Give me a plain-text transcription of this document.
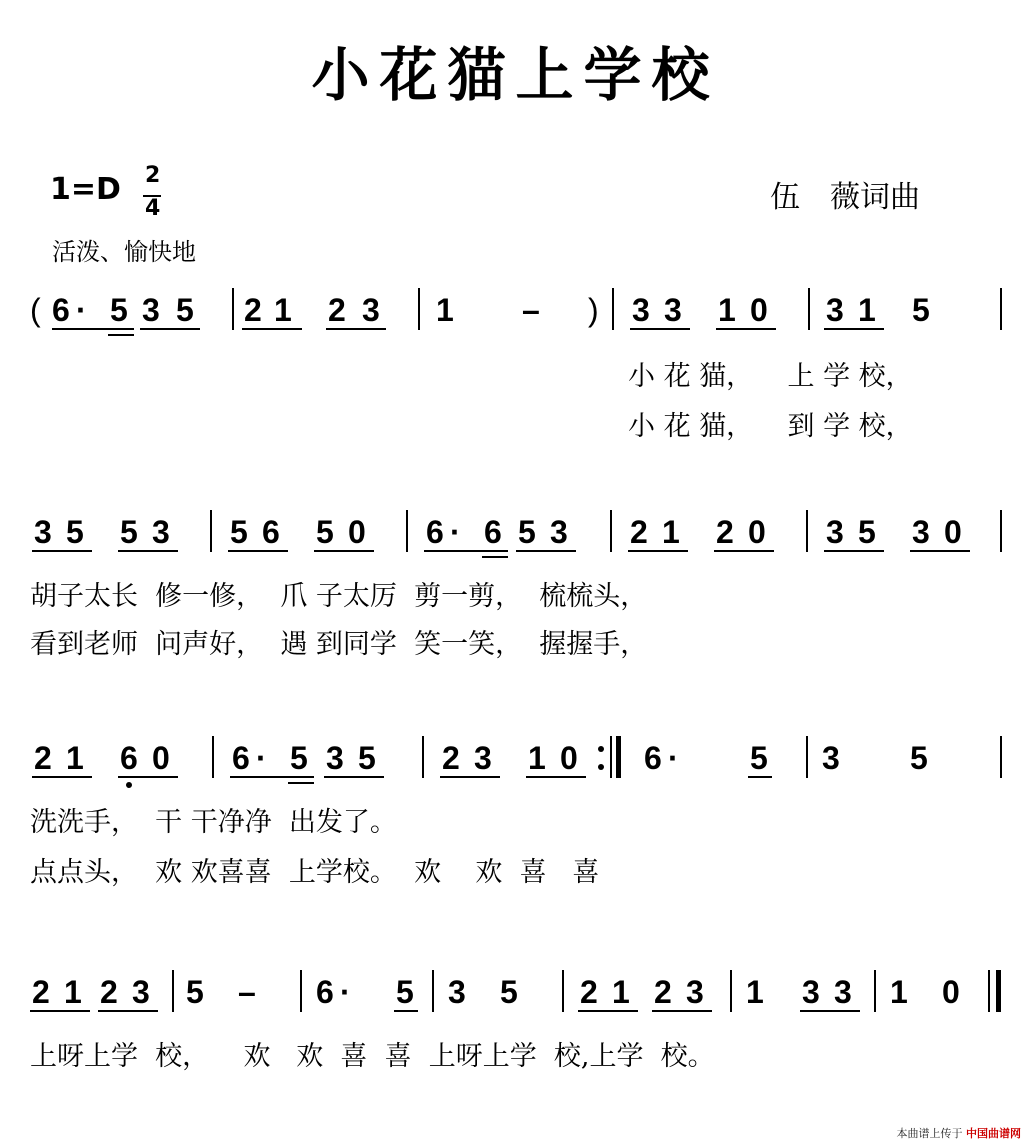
小花猫上学校
1=D 2
4
活泼、愉快地
伍　薇词曲
( 6 · 5 3 5 2 1 2 3 1 – ) 3 3 1 0 3 1 5
小 花 猫，    上 学 校，
小 花 猫，    到 学 校，
3 5 5 3 5 6 5 0 6 · 6 5 3 2 1 2 0 3 5 3 0
胡子太长  修一修，  爪 子太厉  剪一剪，  梳梳头，
看到老师  问声好，  遇 到同学  笑一笑，  握握手，
2 1 6 0 6 · 5 3 5 2 3 1 0 6 · 5 3 5
洗洗手，  干 干净净  出发了。
点点头，  欢 欢喜喜  上学校。  欢    欢  喜   喜
2 1 2 3 5 – 6 · 5 3 5 2 1 2 3 1 3 3 1 0
上呀上学  校，    欢   欢  喜  喜  上呀上学  校,上学  校。
本曲谱上传于 中国曲谱网
